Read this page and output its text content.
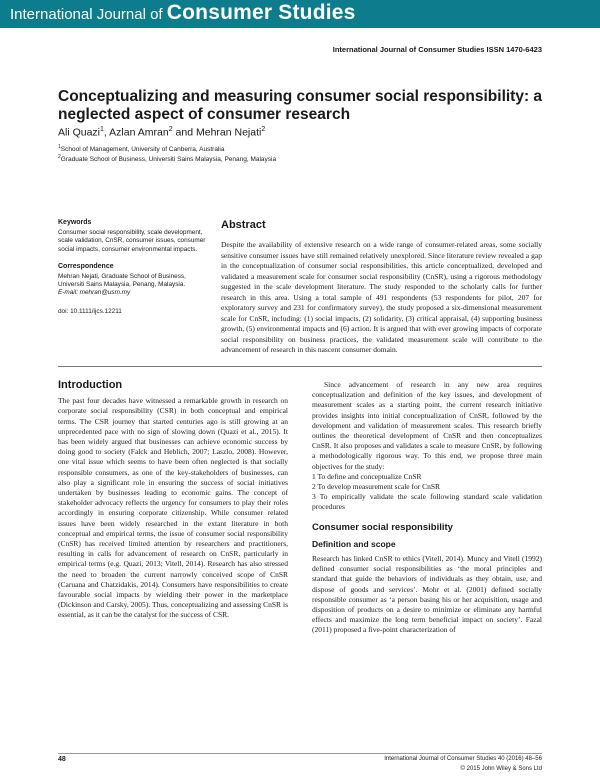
International Journal of Consumer Studies
International Journal of Consumer Studies ISSN 1470-6423
Conceptualizing and measuring consumer social responsibility: a neglected aspect of consumer research
Ali Quazi$^1$, Azlan Amran$^2$ and Mehran Nejati$^2$
$^1$School of Management, University of Canberra, Australia
$^2$Graduate School of Business, Universiti Sains Malaysia, Penang, Malaysia
Keywords

Consumer social responsibility, scale development, scale validation, CnSR, consumer issues, consumer social impacts, consumer environmental impacts.

Correspondence

Mehran Nejati, Graduate School of Business, Universiti Sains Malaysia, Penang, Malaysia.

E-mail: mehran@usm.my

doi: 10.1111/ijcs.12211

Abstract

Despite the availability of extensive research on a wide range of consumer-related areas, some socially sensitive consumer issues have still remained relatively unexplored. Since literature review revealed a gap in the conceptualization of consumer social responsibilities, this article conceptualized, developed and validated a measurement scale for consumer social responsibility (CnSR), using a rigorous methodology suggested in the scale development literature. The study responded to the scholarly calls for further research in this area. Using a total sample of 491 respondents (53 respondents for pilot, 207 for exploratory survey and 231 for confirmatory survey), the study proposed a six-dimensional measurement scale for CnSR, including: (1) social impacts, (2) solidarity, (3) critical appraisal, (4) supporting business growth, (5) environmental impacts and (6) action. It is argued that with ever growing impacts of corporate social responsibility on business practices, the validated measurement scale will contribute to the advancement of research in this nascent consumer domain.

Introduction

The past four decades have witnessed a remarkable growth in research on corporate social responsibility (CSR) in both conceptual and empirical terms. The CSR journey that started centuries ago is still growing at an unprecedented pace with no sign of slowing down (Quazi et al., 2015). It has been widely argued that businesses can achieve economic success by doing good to society (Falck and Heblich, 2007; Laszlo, 2008). However, one vital issue which seems to have been often neglected is that socially responsible consumers, as one of the key-stakeholders of businesses, can also play a significant role in ensuring the success of social initiatives undertaken by businesses leading to economic gains. The concept of stakeholder advocacy reflects the urgency for consumers to play their roles accordingly in ensuring corporate citizenship. While consumer related issues have been widely researched in the extant literature in both conceptual and empirical terms, the issue of consumer social responsibility (CnSR) has received limited attention by researchers and practitioners, resulting in calls for advancement of research on CnSR, particularly in empirical terms (e.g. Quazi, 2013; Vitell, 2014). Research has also stressed the need to broaden the current narrowly conceived scope of CnSR (Caruana and Chatzidakis, 2014). Consumers have responsibilities to create favourable social impacts by wielding their power in the marketplace (Dickinson and Carsky, 2005). Thus, conceptualizing and assessing CnSR is essential, as it can be the catalyst for the success of CSR.

Since advancement of research in any new area requires conceptualization and definition of the key issues, and development of measurement scales as a starting point, the current research initiative provides insights into initial conceptualization of CnSR, followed by the development and validation of measurement scales. This research briefly outlines the theoretical development of CnSR and then conceptualizes CnSR. It also proposes and validates a scale to measure CnSR, by following a methodologically rigorous way. To this end, we propose three main objectives for the study:

1 To define and conceptualize CnSR
2 To develop measurement scale for CnSR
3 To empirically validate the scale following standard scale validation procedures
Consumer social responsibility
Definition and scope

Research has linked CnSR to ethics (Vitell, 2014). Muncy and Vitell (1992) defined consumer social responsibilities as ‘the moral principles and standard that guide the behaviors of individuals as they obtain, use, and dispose of goods and services’. Mohr et al. (2001) defined socially responsible consumer as ‘a person basing his or her acquisition, usage and disposition of products on a desire to minimize or eliminate any harmful effects and maximize the long term beneficial impact on society’. Fazal (2011) proposed a five-point characterization of

48	International Journal of Consumer Studies 40 (2016) 48–56
© 2015 John Wiley & Sons Ltd
